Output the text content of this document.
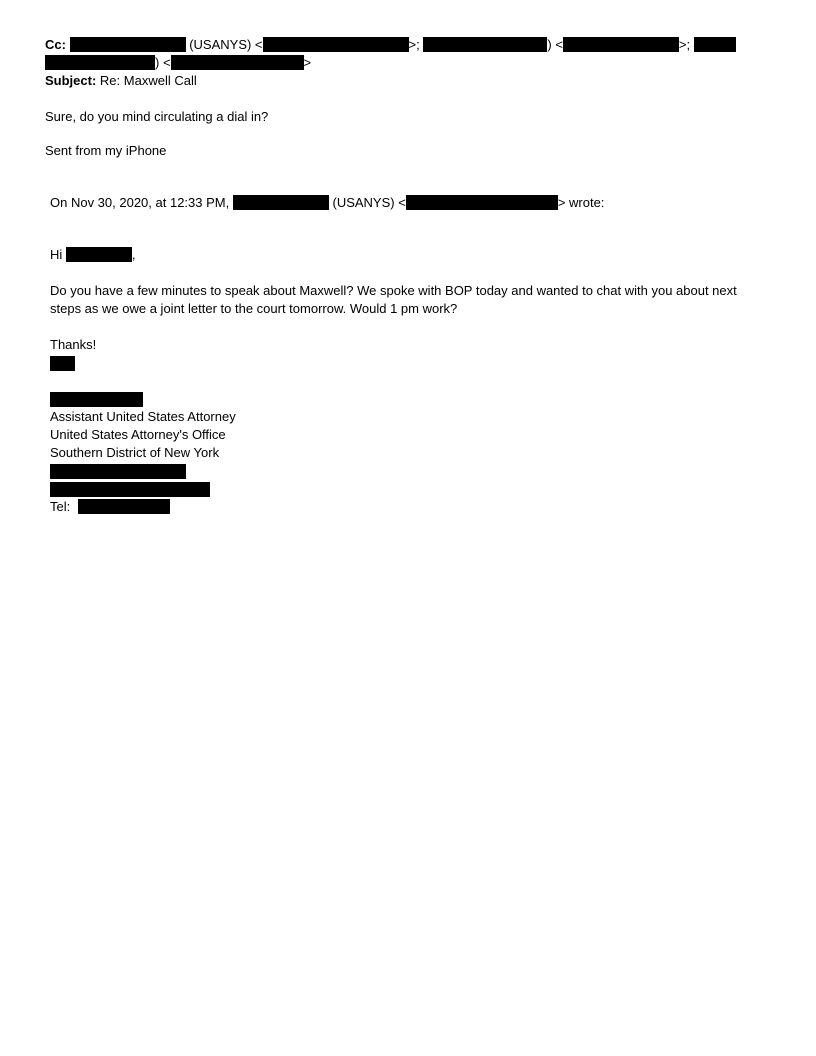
Cc:	(USANYS) <	>;	) <	>;
) <	>
Subject: Re: Maxwell Call
Sure, do you mind circulating a dial in?
Sent from my iPhone
On Nov 30, 2020, at 12:33 PM,	(USANYS) <	> wrote:
Hi	,
Do you have a few minutes to speak about Maxwell? We spoke with BOP today and wanted to chat with you about next
steps as we owe a joint letter to the court tomorrow. Would 1 pm work?
Thanks!
Assistant United States Attorney
United States Attorney's Office
Southern District of New York
Tel:
